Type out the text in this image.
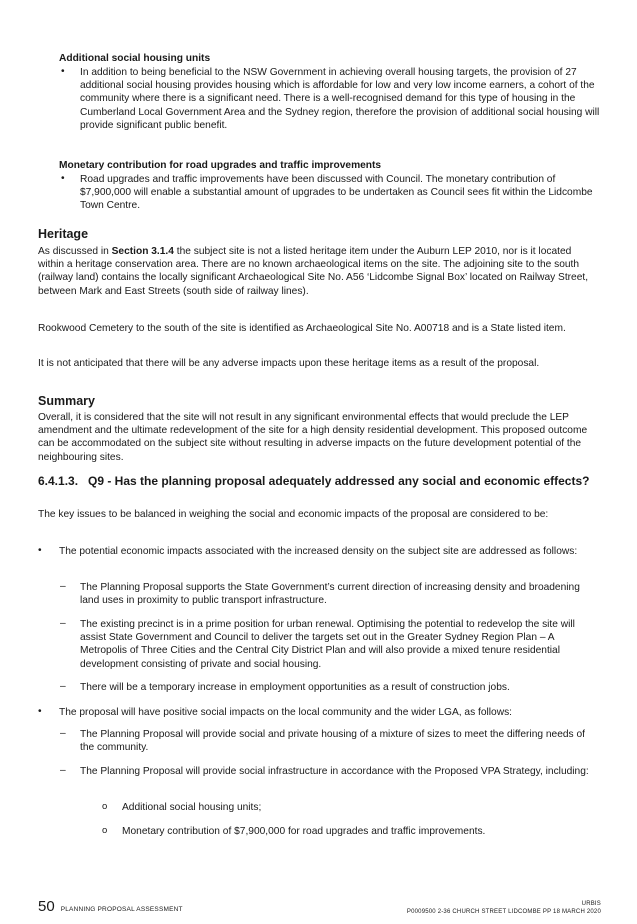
Additional social housing units
• In addition to being beneficial to the NSW Government in achieving overall housing targets, the provision of 27 additional social housing provides housing which is affordable for low and very low income earners, a cohort of the community where there is a significant need. There is a well-recognised demand for this type of housing in the Cumberland Local Government Area and the Sydney region, therefore the provision of additional social housing will provide significant public benefit.
Monetary contribution for road upgrades and traffic improvements
• Road upgrades and traffic improvements have been discussed with Council. The monetary contribution of $7,900,000 will enable a substantial amount of upgrades to be undertaken as Council sees fit within the Lidcombe Town Centre.
Heritage

As discussed in Section 3.1.4 the subject site is not a listed heritage item under the Auburn LEP 2010, nor is it located within a heritage conservation area. There are no known archaeological items on the site. The adjoining site to the south (railway land) contains the locally significant Archaeological Site No. A56 ‘Lidcombe Signal Box’ located on Railway Street, between Mark and East Streets (south side of railway lines).

Rookwood Cemetery to the south of the site is identified as Archaeological Site No. A00718 and is a State listed item.

It is not anticipated that there will be any adverse impacts upon these heritage items as a result of the proposal.

Summary

Overall, it is considered that the site will not result in any significant environmental effects that would preclude the LEP amendment and the ultimate redevelopment of the site for a high density residential development. This proposed outcome can be accommodated on the subject site without resulting in adverse impacts on the future development potential of the neighbouring sites.

6.4.1.3. Q9 - Has the planning proposal adequately addressed any social and economic effects?

The key issues to be balanced in weighing the social and economic impacts of the proposal are considered to be:

• The potential economic impacts associated with the increased density on the subject site are addressed as follows:
– The Planning Proposal supports the State Government’s current direction of increasing density and broadening land uses in proximity to public transport infrastructure.
– The existing precinct is in a prime position for urban renewal. Optimising the potential to redevelop the site will assist State Government and Council to deliver the targets set out in the Greater Sydney Region Plan – A Metropolis of Three Cities and the Central City District Plan and will also provide a mixed tenure residential development consisting of private and social housing.
– There will be a temporary increase in employment opportunities as a result of construction jobs.
• The proposal will have positive social impacts on the local community and the wider LGA, as follows:
– The Planning Proposal will provide social and private housing of a mixture of sizes to meet the differing needs of the community.
– The Planning Proposal will provide social infrastructure in accordance with the Proposed VPA Strategy, including:
o Additional social housing units;
o Monetary contribution of $7,900,000 for road upgrades and traffic improvements.
50 PLANNING PROPOSAL ASSESSMENT
URBIS
P0009500 2-36 CHURCH STREET LIDCOMBE PP 18 MARCH 2020
